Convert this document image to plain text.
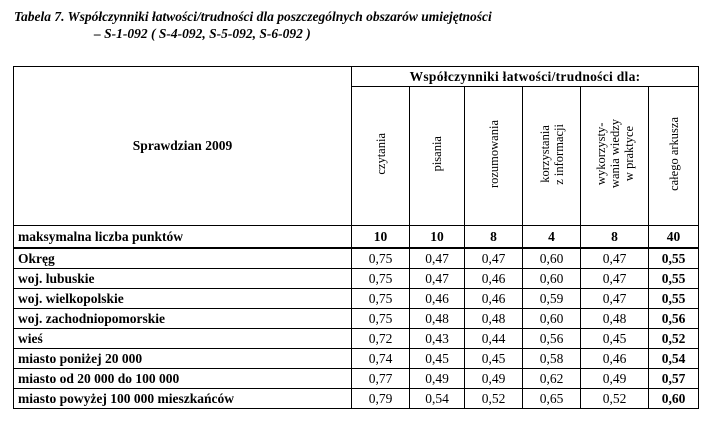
Tabela 7. Współczynniki łatwości/trudności dla poszczególnych obszarów umiejętności
– S-1-092 ( S-4-092, S-5-092, S-6-092 )
Sprawdzian 2009	Współczynniki łatwości/trudności dla:					
	czytania	pisania	rozumowania	korzystania
z informacji	wykorzysty-
wania wiedzy
w praktyce	całego arkusza
maksymalna liczba punktów	10	10	8	4	8	40
Okręg	0,75	0,47	0,47	0,60	0,47	0,55
woj. lubuskie	0,75	0,47	0,46	0,60	0,47	0,55
woj. wielkopolskie	0,75	0,46	0,46	0,59	0,47	0,55
woj. zachodniopomorskie	0,75	0,48	0,48	0,60	0,48	0,56
wieś	0,72	0,43	0,44	0,56	0,45	0,52
miasto poniżej 20 000	0,74	0,45	0,45	0,58	0,46	0,54
miasto od 20 000 do 100 000	0,77	0,49	0,49	0,62	0,49	0,57
miasto powyżej 100 000 mieszkańców	0,79	0,54	0,52	0,65	0,52	0,60
